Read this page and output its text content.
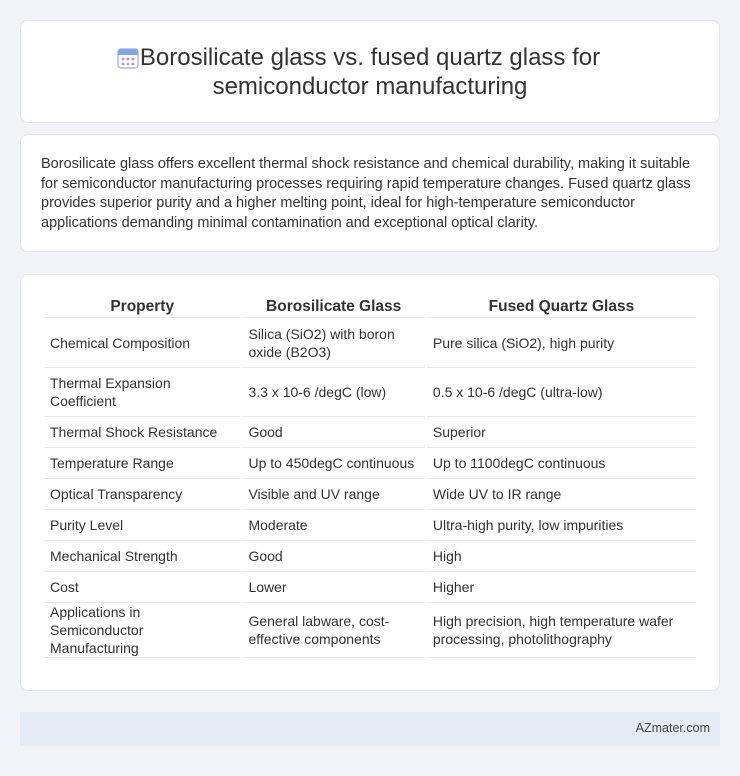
Borosilicate glass vs. fused quartz glass for semiconductor manufacturing

Borosilicate glass offers excellent thermal shock resistance and chemical durability, making it suitable for semiconductor manufacturing processes requiring rapid temperature changes. Fused quartz glass provides superior purity and a higher melting point, ideal for high-temperature semiconductor applications demanding minimal contamination and exceptional optical clarity.

Property	Borosilicate Glass	Fused Quartz Glass
Chemical Composition	Silica (SiO2) with boron oxide (B2O3)	Pure silica (SiO2), high purity
Thermal Expansion Coefficient	3.3 x 10-6 /degC (low)	0.5 x 10-6 /degC (ultra-low)
Thermal Shock Resistance	Good	Superior
Temperature Range	Up to 450degC continuous	Up to 1100degC continuous
Optical Transparency	Visible and UV range	Wide UV to IR range
Purity Level	Moderate	Ultra-high purity, low impurities
Mechanical Strength	Good	High
Cost	Lower	Higher
Applications in Semiconductor Manufacturing	General labware, cost-effective components	High precision, high temperature wafer processing, photolithography
AZmater.com
